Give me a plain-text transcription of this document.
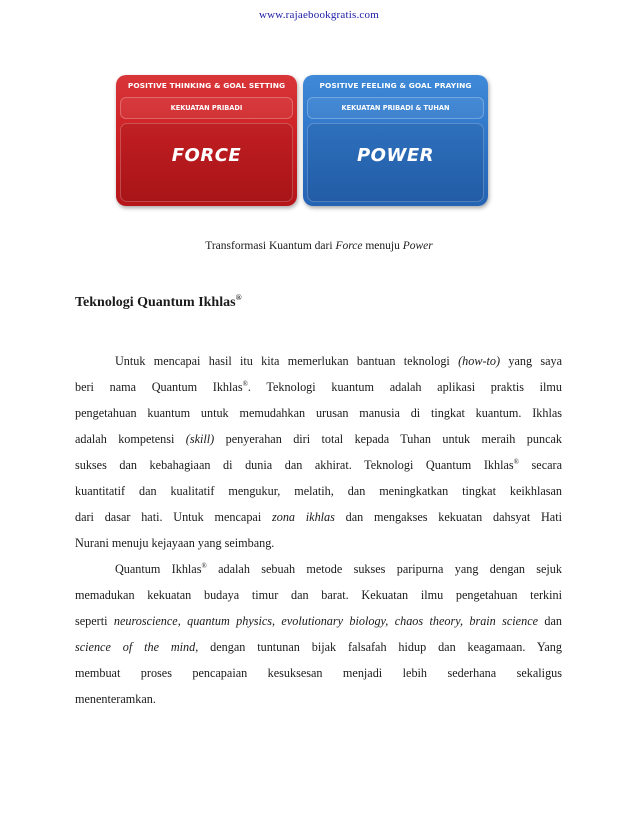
www.rajaebookgratis.com
POSITIVE THINKING & GOAL SETTING
KEKUATAN PRIBADI
FORCE
POSITIVE FEELING & GOAL PRAYING
KEKUATAN PRIBADI & TUHAN
POWER
Transformasi Kuantum dari Force menuju Power
Teknologi Quantum Ikhlas®
Untuk mencapai hasil itu kita memerlukan bantuan teknologi (how-to) yang saya
beri nama Quantum Ikhlas®. Teknologi kuantum adalah aplikasi praktis ilmu
pengetahuan kuantum untuk memudahkan urusan manusia di tingkat kuantum. Ikhlas
adalah kompetensi (skill) penyerahan diri total kepada Tuhan untuk meraih puncak
sukses dan kebahagiaan di dunia dan akhirat. Teknologi Quantum Ikhlas® secara
kuantitatif dan kualitatif mengukur, melatih, dan meningkatkan tingkat keikhlasan
dari dasar hati. Untuk mencapai zona ikhlas dan mengakses kekuatan dahsyat Hati
Nurani menuju kejayaan yang seimbang.
Quantum Ikhlas® adalah sebuah metode sukses paripurna yang dengan sejuk
memadukan kekuatan budaya timur dan barat. Kekuatan ilmu pengetahuan terkini
seperti neuroscience, quantum physics, evolutionary biology, chaos theory, brain science dan
science of the mind, dengan tuntunan bijak falsafah hidup dan keagamaan. Yang
membuat proses pencapaian kesuksesan menjadi lebih sederhana sekaligus
menenteramkan.
